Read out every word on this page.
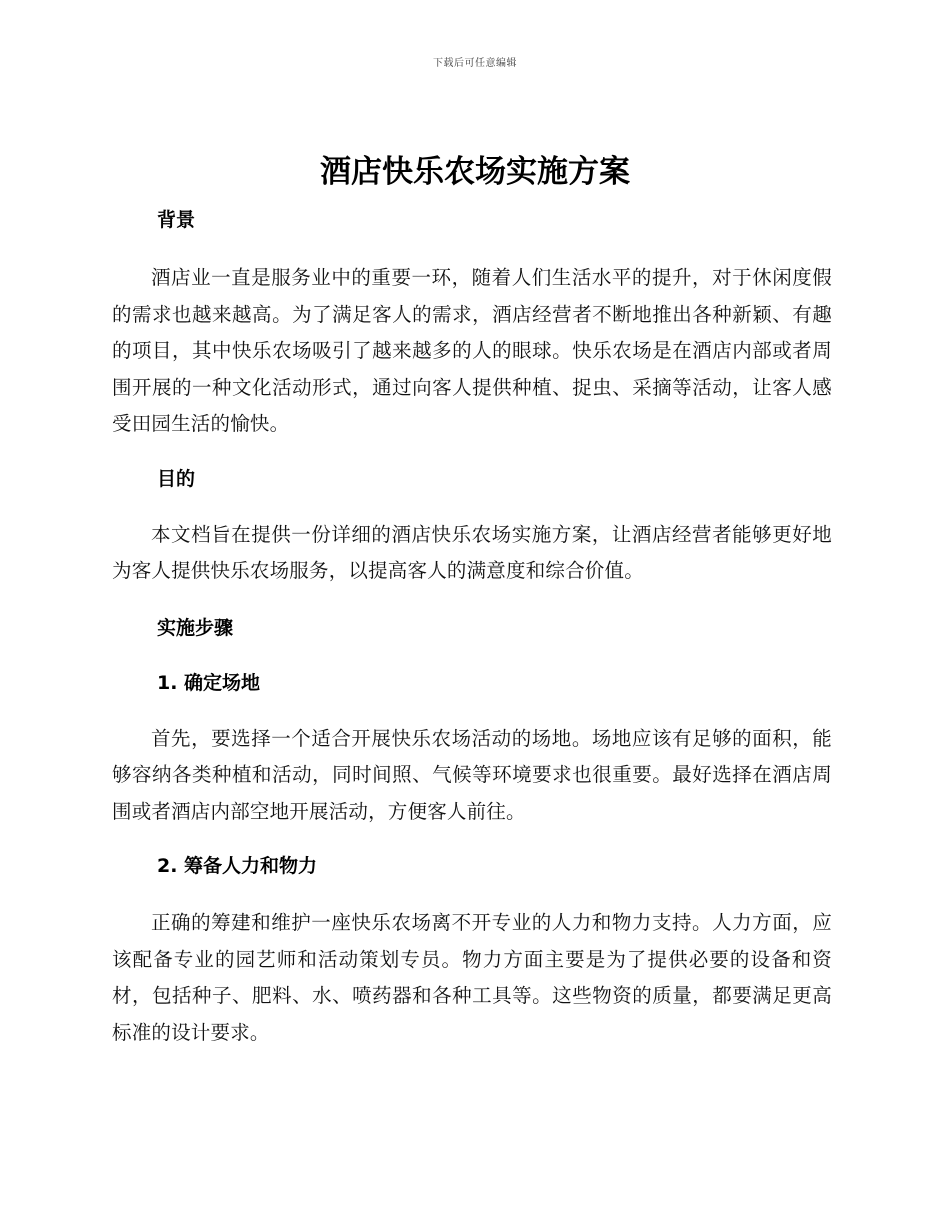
下载后可任意编辑
酒店快乐农场实施方案
背景

酒店业一直是服务业中的重要一环，随着人们生活水平的提升，对于休闲度假的需求也越来越高。为了满足客人的需求，酒店经营者不断地推出各种新颖、有趣的项目，其中快乐农场吸引了越来越多的人的眼球。快乐农场是在酒店内部或者周围开展的一种文化活动形式，通过向客人提供种植、捉虫、采摘等活动，让客人感受田园生活的愉快。

目的

本文档旨在提供一份详细的酒店快乐农场实施方案，让酒店经营者能够更好地为客人提供快乐农场服务，以提高客人的满意度和综合价值。

实施步骤
1. 确定场地

首先，要选择一个适合开展快乐农场活动的场地。场地应该有足够的面积，能够容纳各类种植和活动，同时间照、气候等环境要求也很重要。最好选择在酒店周围或者酒店内部空地开展活动，方便客人前往。

2. 筹备人力和物力

正确的筹建和维护一座快乐农场离不开专业的人力和物力支持。人力方面，应该配备专业的园艺师和活动策划专员。物力方面主要是为了提供必要的设备和资材，包括种子、肥料、水、喷药器和各种工具等。这些物资的质量，都要满足更高标准的设计要求。
